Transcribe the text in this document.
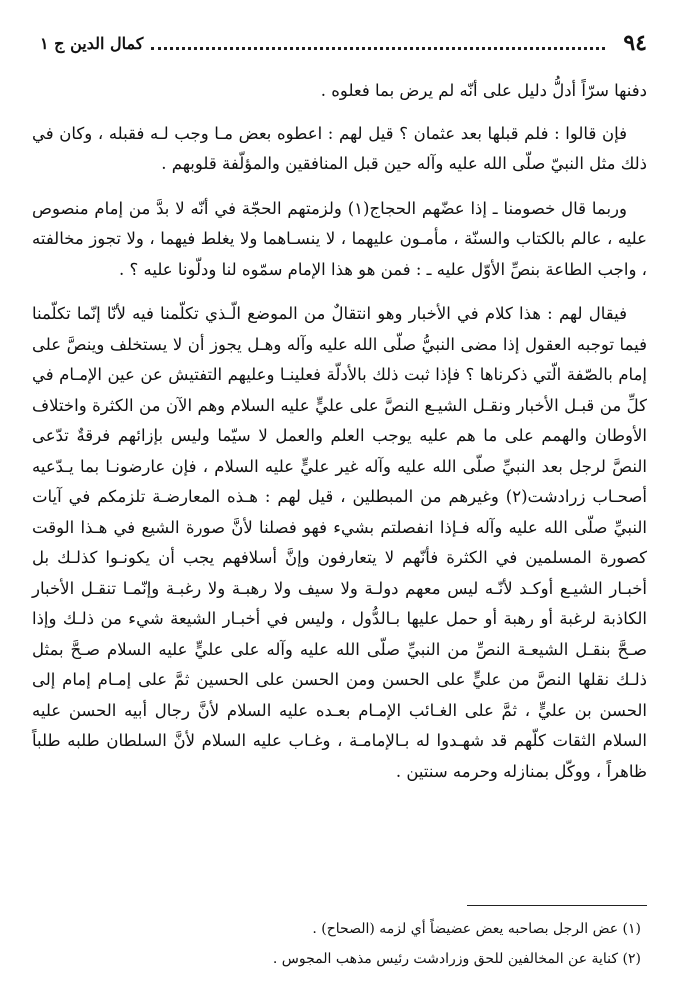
٩٤
كمال الدين ج ١

دفنها سرّاً أدلُّ دليل على أنّه لم يرض بما فعلوه .

فإن قالوا : فلم قبلها بعد عثمان ؟ قيل لهم : اعطوه بعض مـا وجب لـه فقبله ، وكان في ذلك مثل النبيّ صلّى الله عليه وآله حين قبل المنافقين والمؤلّفة قلوبهم .

وربما قال خصومنا ـ إذا عضّهم الحجاج(١) ولزمتهم الحجّة في أنّه لا بدَّ من إمام منصوص عليه ، عالم بالكتاب والسنّة ، مأمـون عليهما ، لا ينسـاهما ولا يغلط فيهما ، ولا تجوز مخالفته ، واجب الطاعة بنصِّ الأوّل عليه ـ : فمن هو هذا الإمام سمّوه لنا ودلّونا عليه ؟ .

فيقال لهم : هذا كلام في الأخبار وهو انتقالٌ من الموضع الّـذي تكلّمنا فيه لأنّا إنّما تكلّمنا فيما توجبه العقول إذا مضى النبيُّ صلّى الله عليه وآله وهـل يجوز أن لا يستخلف وينصَّ على إمام بالصّفة الّتي ذكرناها ؟ فإذا ثبت ذلك بالأدلّة فعلينـا وعليهم التفتيش عن عين الإمـام في كلِّ من قبـل الأخبار ونقـل الشيـع النصَّ على عليٍّ عليه السلام وهم الآن من الكثرة واختلاف الأوطان والهمم على ما هم عليه يوجب العلم والعمل لا سيّما وليس بإزائهم فرقةٌ تدّعى النصَّ لرجل بعد النبيِّ صلّى الله عليه وآله غير عليٍّ عليه السلام ، فإن عارضونـا بما يـدّعيه أصحـاب زرادشت(٢) وغيرهم من المبطلين ، قيل لهم : هـذه المعارضـة تلزمكم في آيات النبيِّ صلّى الله عليه وآله فـإذا انفصلتم بشيء فهو فصلنا لأنَّ صورة الشيع في هـذا الوقت كصورة المسلمين في الكثرة فأنّهم لا يتعارفون وإنَّ أسلافهم يجب أن يكونـوا كذلـك بل أخبـار الشيـع أوكـد لأنّـه ليس معهم دولـة ولا سيف ولا رهبـة ولا رغبـة وإنّمـا تنقـل الأخبار الكاذبة لرغبة أو رهبة أو حمل عليها بـالدُّول ، وليس في أخبـار الشيعة شيء من ذلـك وإذا صـحَّ بنقـل الشيعـة النصِّ من النبيِّ صلّى الله عليه وآله على عليٍّ عليه السلام صـحَّ بمثل ذلـك نقلها النصَّ من عليٍّ على الحسن ومن الحسن على الحسين ثمَّ على إمـام إمام إلى الحسن بن عليٍّ ، ثمَّ على الغـائب الإمـام بعـده عليه السلام لأنَّ رجال أبيه الحسن عليه السلام الثقات كلّهم قد شهـدوا له بـالإمامـة ، وغـاب عليه السلام لأنَّ السلطان طلبه طلباً ظاهراً ، ووكّل بمنازله وحرمه سنتين .

(١) عض الرجل بصاحبه يعض عضيضاً أي لزمه (الصحاح) .

(٢) كناية عن المخالفين للحق وزرادشت رئيس مذهب المجوس .
